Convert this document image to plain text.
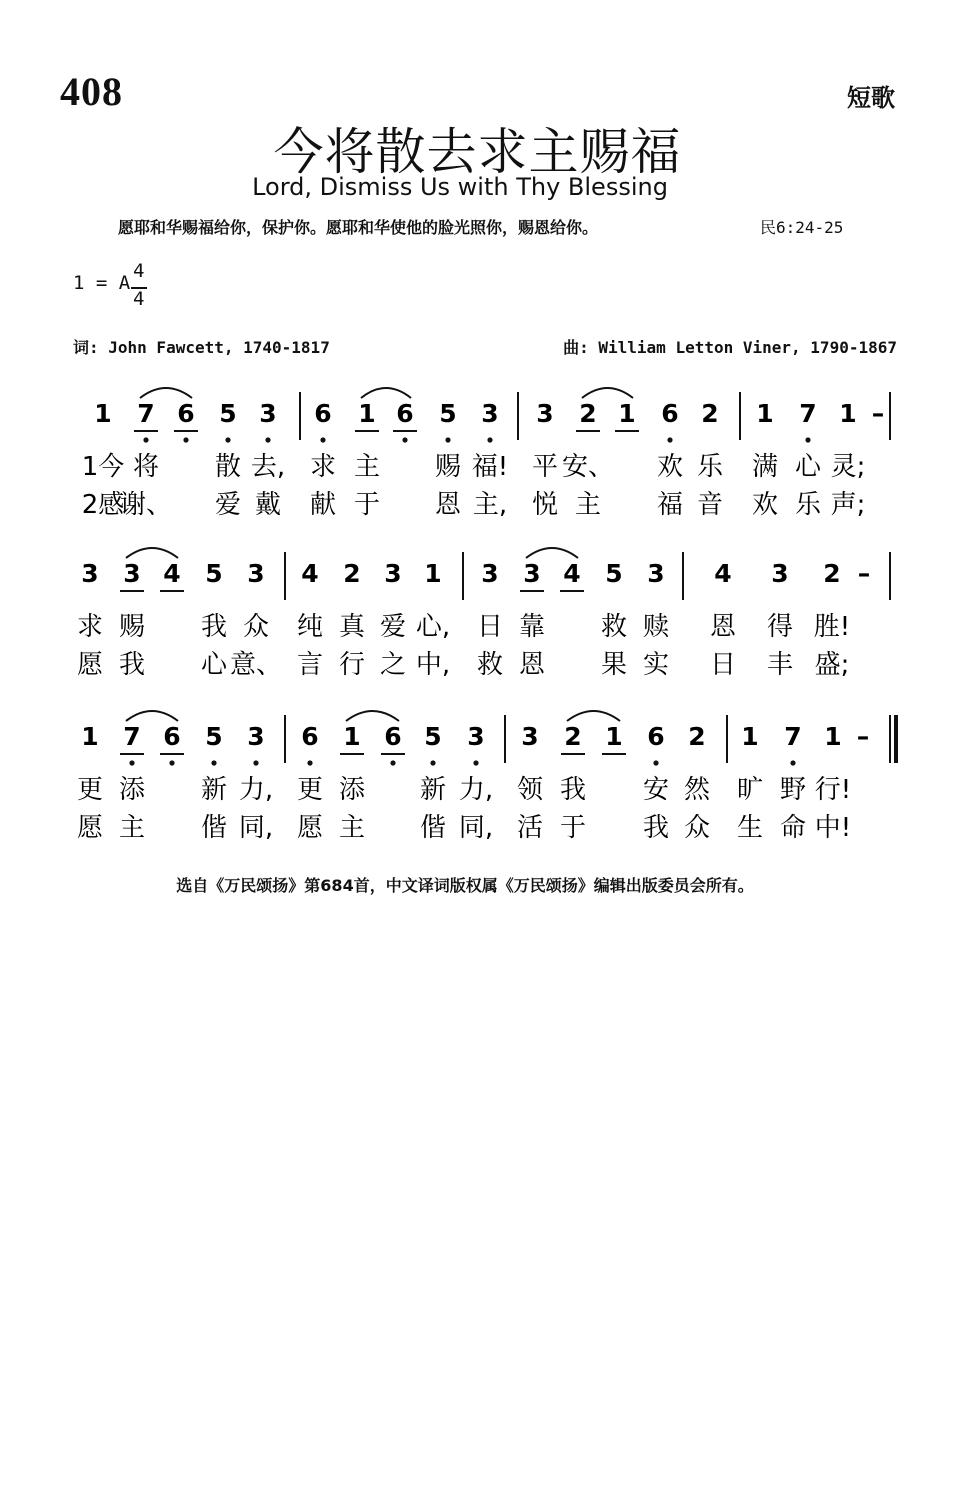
408	短歌
今将散去求主赐福
Lord, Dismiss Us with Thy Blessing
愿耶和华赐福给你，保护你。愿耶和华使他的脸光照你，赐恩给你。	民6:24-25
1 = A
4
4
词: John Fawcett, 1740-1817	曲: William Letton Viner, 1790-1867
1 7 6 5 3 6 1 6 5 3 3 2 1 6 2 1 7 1 –
1今 将 散 去, 求 主 赐 福! 平 安、 欢 乐 满 心 灵;
2感
谢、 爱 戴 献 于 恩 主, 悦 主 福 音 欢 乐 声;
3 3 4 5 3 4 2 3 1 3 3 4 5 3 4 3 2 –
求 赐 我 众 纯 真 爱 心, 日 靠 救 赎 恩 得 胜!
愿 我 心 意、 言 行 之 中, 救 恩 果 实 日 丰 盛;
1 7 6 5 3 6 1 6 5 3 3 2 1 6 2 1 7 1 –
更 添 新 力, 更 添 新 力, 领 我 安 然 旷 野 行!
愿 主 偕 同, 愿 主 偕 同, 活 于 我 众 生 命 中!
选自《万民颂扬》第684首，中文译词版权属《万民颂扬》编辑出版委员会所有。
